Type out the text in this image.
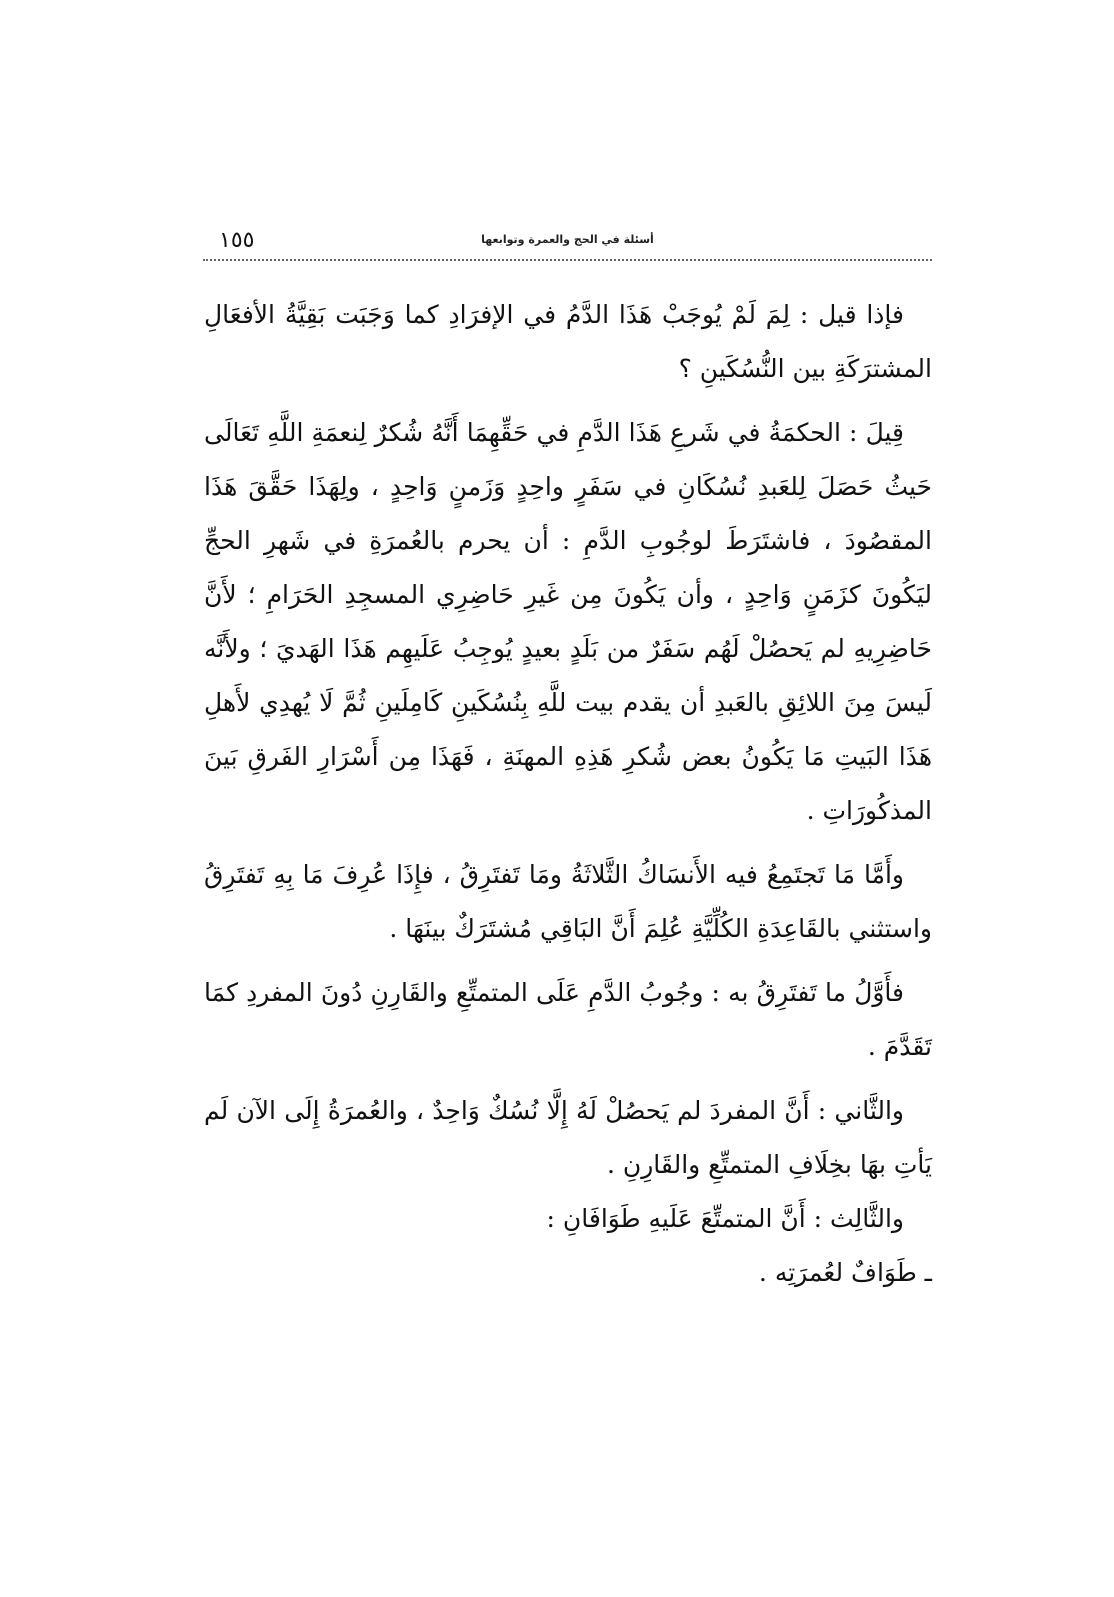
أسئلة في الحج والعمرة وتوابعها
١٥٥

فإذا قيل : لِمَ لَمْ يُوجَبْ هَذَا الدَّمُ في الإفرَادِ كما وَجَبَت بَقِيَّةُ الأفعَالِ المشترَكَةِ بين النُّسُكَينِ ؟

قِيلَ : الحكمَةُ في شَرعِ هَذَا الدَّمِ في حَقِّهِمَا أَنَّهُ شُكرٌ لِنعمَةِ اللَّهِ تَعَالَى حَيثُ حَصَلَ لِلعَبدِ نُسُكَانِ في سَفَرٍ واحِدٍ وَزَمنٍ وَاحِدٍ ، ولِهَذَا حَقَّقَ هَذَا المقصُودَ ، فاشتَرَطَ لوجُوبِ الدَّمِ : أن يحرم بالعُمرَةِ في شَهرِ الحجِّ ليَكُونَ كزَمَنٍ وَاحِدٍ ، وأن يَكُونَ مِن غَيرِ حَاضِرِي المسجِدِ الحَرَامِ ؛ لأَنَّ حَاضِرِيهِ لم يَحصُلْ لَهُم سَفَرٌ من بَلَدٍ بعيدٍ يُوجِبُ عَلَيهِم هَذَا الهَديَ ؛ ولأَنَّه لَيسَ مِنَ اللائِقِ بالعَبدِ أن يقدم بيت للَّهِ بِنُسُكَينِ كَامِلَينِ ثُمَّ لَا يُهدِي لأَهلِ هَذَا البَيتِ مَا يَكُونُ بعض شُكرِ هَذِهِ المهنَةِ ، فَهَذَا مِن أَسْرَارِ الفَرقِ بَينَ المذكُورَاتِ .

وأَمَّا مَا تَجتَمِعُ فيه الأَنسَاكُ الثَّلاثَةُ ومَا تَفتَرِقُ ، فإِذَا عُرِفَ مَا بِهِ تَفتَرِقُ واستثني بالقَاعِدَةِ الكُلِّيَّةِ عُلِمَ أَنَّ البَاقِي مُشتَرَكٌ بينَهَا .

فأَوَّلُ ما تَفتَرِقُ به : وجُوبُ الدَّمِ عَلَى المتمتِّعِ والقَارِنِ دُونَ المفردِ كمَا تَقَدَّمَ .

والثَّاني : أَنَّ المفردَ لم يَحصُلْ لَهُ إِلَّا نُسُكٌ وَاحِدٌ ، والعُمرَةُ إِلَى الآن لَم يَأتِ بهَا بخِلَافِ المتمتِّعِ والقَارِنِ .

والثَّالِث : أَنَّ المتمتِّعَ عَلَيهِ طَوَافَانِ :

ـ طَوَافٌ لعُمرَتِه .
